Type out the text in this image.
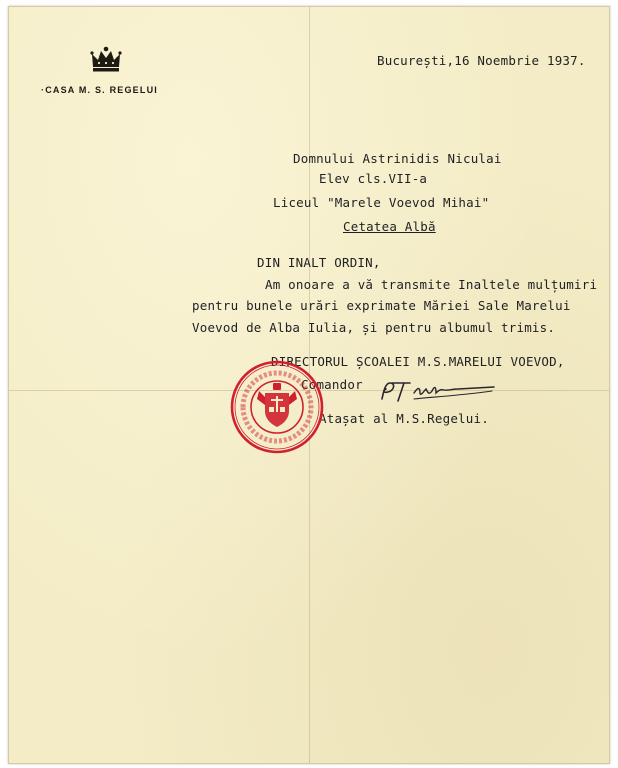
·CASA M. S. REGELUI
București,16 Noembrie 1937.
Domnului Astrinidis Niculai
Elev cls.VII-a
Liceul "Marele Voevod Mihai"
Cetatea Albă
DIN INALT ORDIN,
Am onoare a vă transmite Inaltele mulțumiri
pentru bunele urări exprimate Măriei Sale Marelui
Voevod de Alba Iulia, și pentru albumul trimis.
DIRECTORUL ȘCOALEI M.S.MARELUI VOEVOD,
Comandor
Atașat al M.S.Regelui.
